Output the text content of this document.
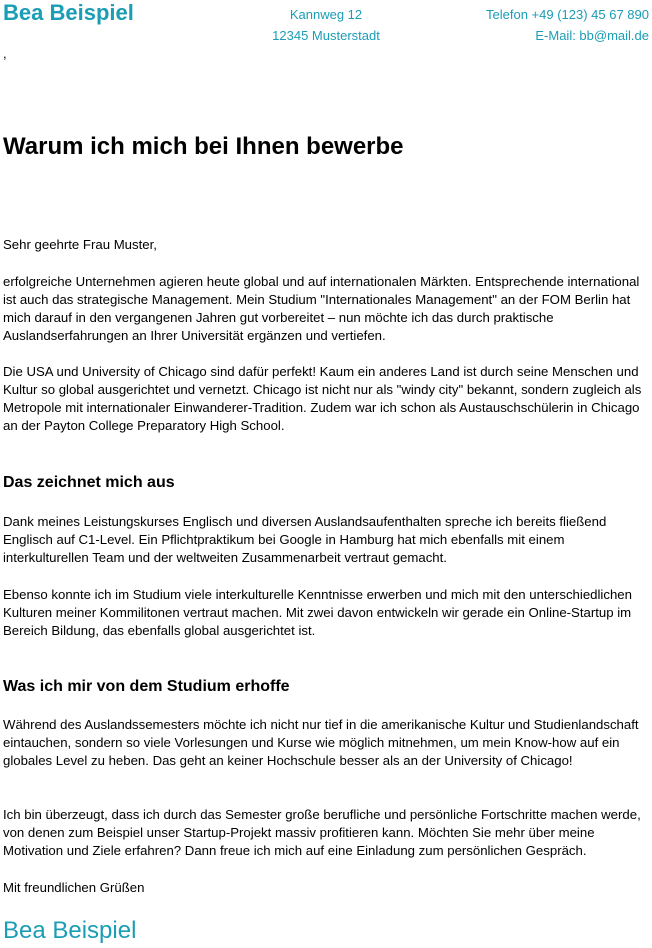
Bea Beispiel	Kannweg 12
12345 Musterstadt
Telefon +49 (123) 45 67 890
E-Mail: bb@mail.de
,
Warum ich mich bei Ihnen bewerbe

Sehr geehrte Frau Muster,

erfolgreiche Unternehmen agieren heute global und auf internationalen Märkten. Entsprechende international ist auch das strategische Management. Mein Studium "Internationales Management" an der FOM Berlin hat mich darauf in den vergangenen Jahren gut vorbereitet – nun möchte ich das durch praktische Auslandserfahrungen an Ihrer Universität ergänzen und vertiefen.

Die USA und University of Chicago sind dafür perfekt! Kaum ein anderes Land ist durch seine Menschen und Kultur so global ausgerichtet und vernetzt. Chicago ist nicht nur als "windy city" bekannt, sondern zugleich als Metropole mit internationaler Einwanderer-Tradition. Zudem war ich schon als Austauschschülerin in Chicago an der Payton College Preparatory High School.

Das zeichnet mich aus

Dank meines Leistungskurses Englisch und diversen Auslandsaufenthalten spreche ich bereits fließend Englisch auf C1-Level. Ein Pflichtpraktikum bei Google in Hamburg hat mich ebenfalls mit einem interkulturellen Team und der weltweiten Zusammenarbeit vertraut gemacht.

Ebenso konnte ich im Studium viele interkulturelle Kenntnisse erwerben und mich mit den unterschiedlichen Kulturen meiner Kommilitonen vertraut machen. Mit zwei davon entwickeln wir gerade ein Online-Startup im Bereich Bildung, das ebenfalls global ausgerichtet ist.

Was ich mir von dem Studium erhoffe

Während des Auslandssemesters möchte ich nicht nur tief in die amerikanische Kultur und Studienlandschaft eintauchen, sondern so viele Vorlesungen und Kurse wie möglich mitnehmen, um mein Know-how auf ein globales Level zu heben. Das geht an keiner Hochschule besser als an der University of Chicago!

Ich bin überzeugt, dass ich durch das Semester große berufliche und persönliche Fortschritte machen werde, von denen zum Beispiel unser Startup-Projekt massiv profitieren kann. Möchten Sie mehr über meine Motivation und Ziele erfahren? Dann freue ich mich auf eine Einladung zum persönlichen Gespräch.

Mit freundlichen Grüßen

Bea Beispiel
